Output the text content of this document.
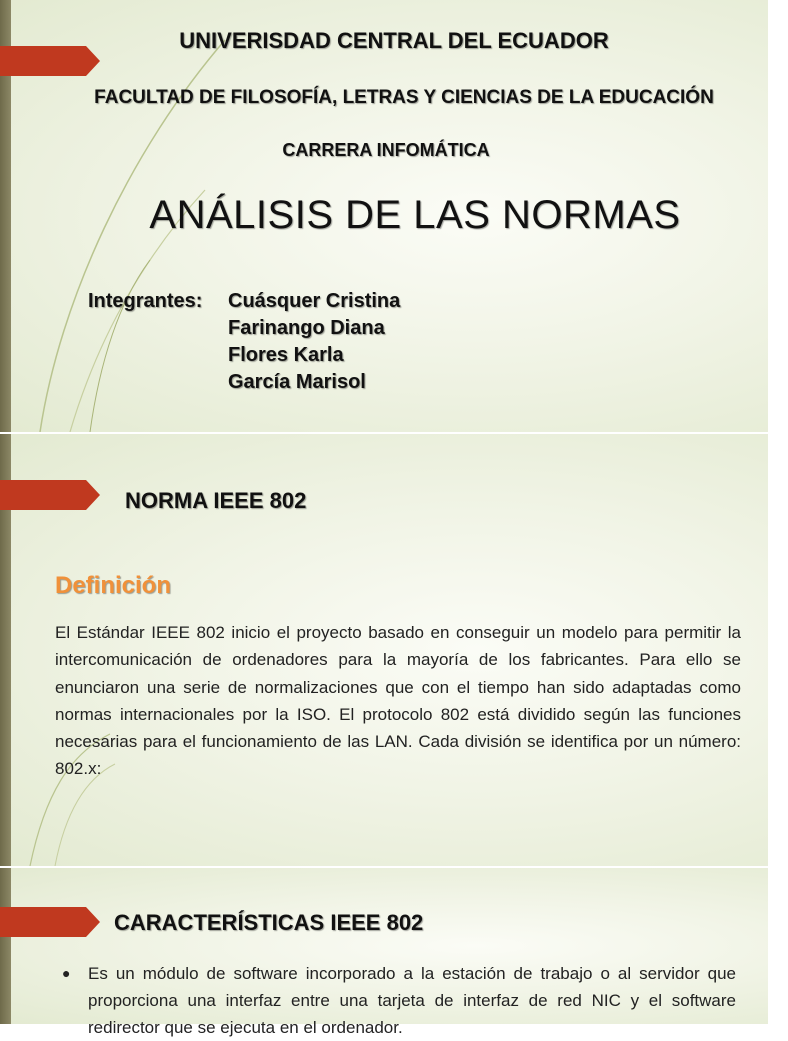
UNIVERISDAD CENTRAL DEL ECUADOR
FACULTAD DE FILOSOFÍA, LETRAS Y CIENCIAS DE LA EDUCACIÓN
CARRERA INFOMÁTICA
ANÁLISIS DE LAS NORMAS
Integrantes:	Cuásquer Cristina
Farinango Diana
Flores Karla
García Marisol
NORMA IEEE 802
Definición
El Estándar IEEE 802 inicio el proyecto basado en conseguir un modelo para permitir la intercomunicación de ordenadores para la mayoría de los fabricantes. Para ello se enunciaron una serie de normalizaciones que con el tiempo han sido adaptadas como normas internacionales por la ISO. El protocolo 802 está dividido según las funciones necesarias para el funcionamiento de las LAN. Cada división se identifica por un número: 802.x:
CARACTERÍSTICAS IEEE 802
●	Es un módulo de software incorporado a la estación de trabajo o al servidor que proporciona una interfaz entre una tarjeta de interfaz de red NIC y el software redirector que se ejecuta en el ordenador.
